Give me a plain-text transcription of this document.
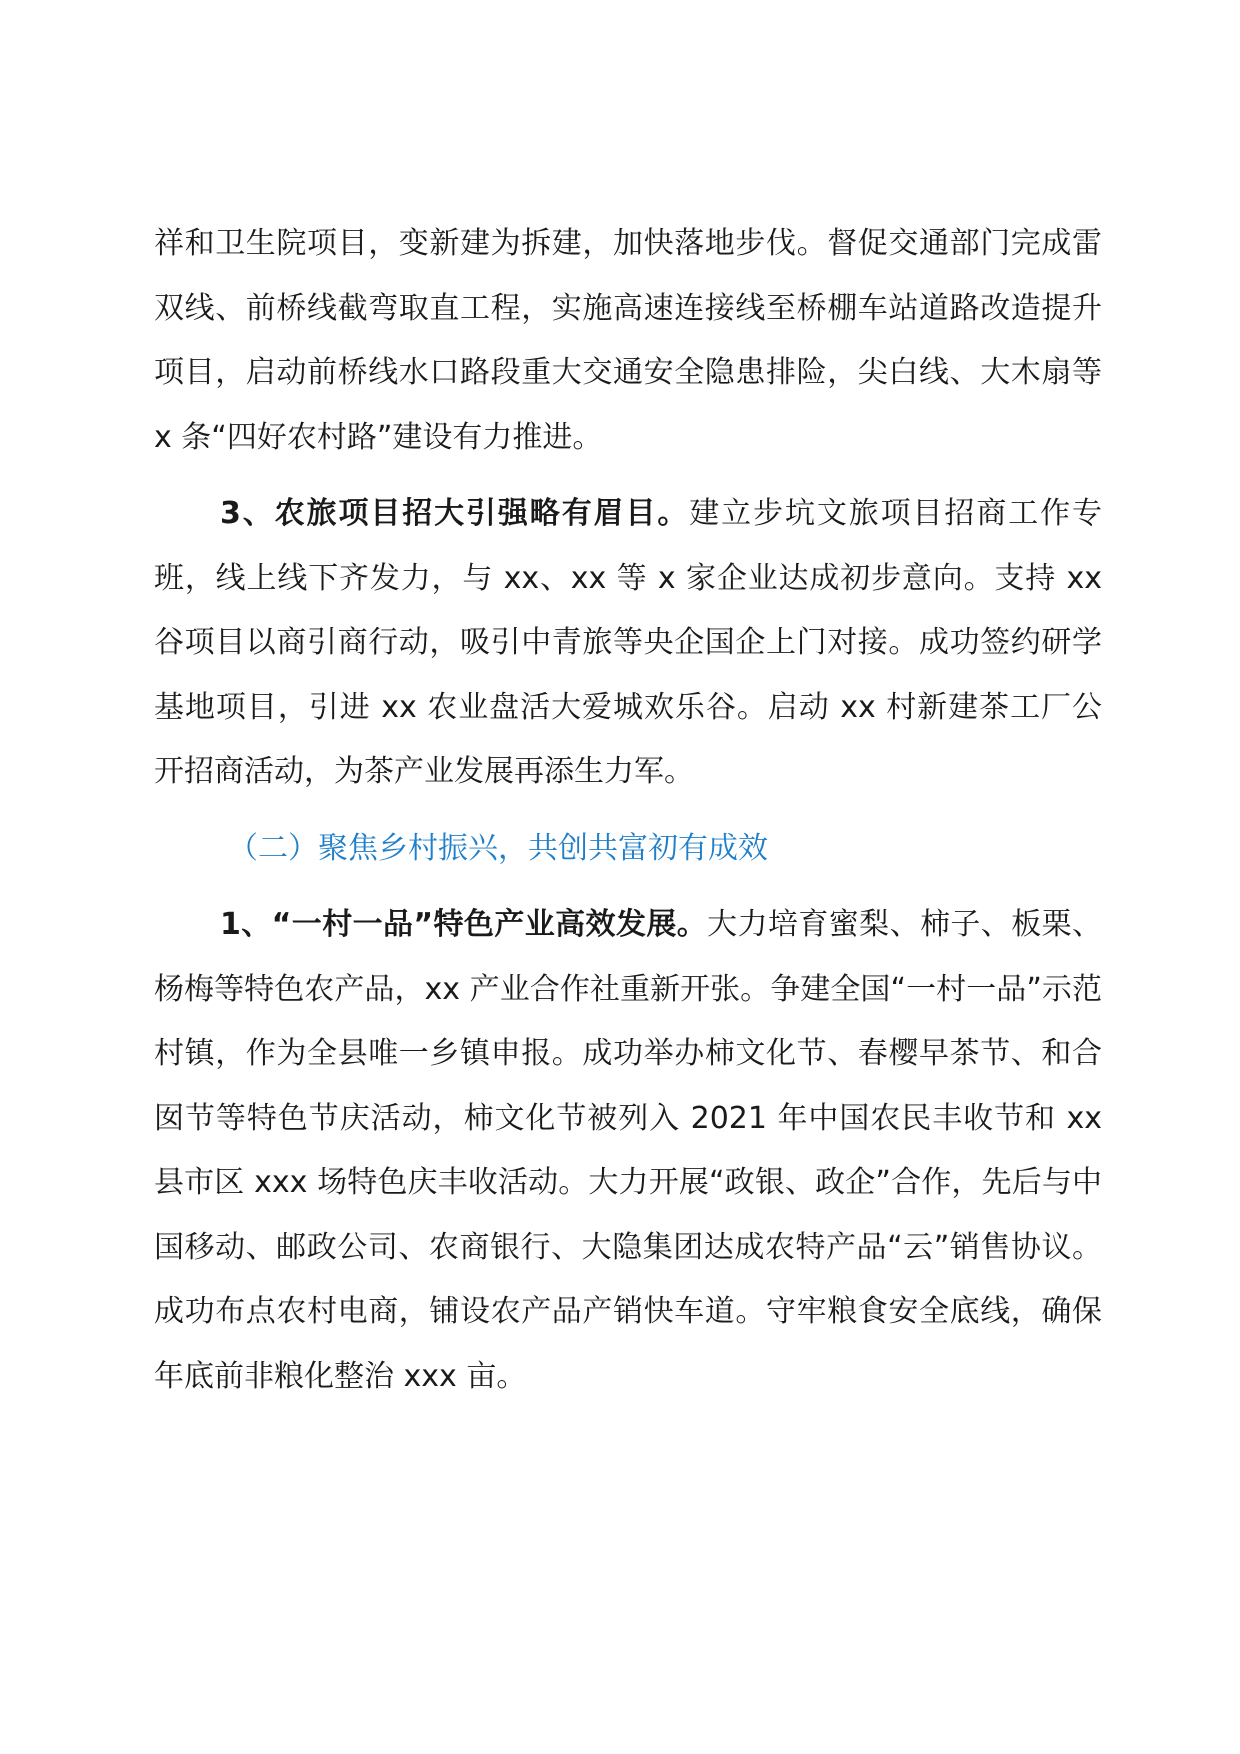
祥和卫生院项目，变新建为拆建，加快落地步伐。督促交通部门完成雷双线、前桥线截弯取直工程，实施高速连接线至桥棚车站道路改造提升项目，启动前桥线水口路段重大交通安全隐患排险，尖白线、大木扇等 x 条“四好农村路”建设有力推进。

3、农旅项目招大引强略有眉目。建立步坑文旅项目招商工作专班，线上线下齐发力，与 xx、xx 等 x 家企业达成初步意向。支持 xx 谷项目以商引商行动，吸引中青旅等央企国企上门对接。成功签约研学基地项目，引进 xx 农业盘活大爱城欢乐谷。启动 xx 村新建茶工厂公开招商活动，为茶产业发展再添生力军。

（二）聚焦乡村振兴，共创共富初有成效

1、“一村一品”特色产业高效发展。大力培育蜜梨、柿子、板栗、杨梅等特色农产品，xx 产业合作社重新开张。争建全国“一村一品”示范村镇，作为全县唯一乡镇申报。成功举办柿文化节、春樱早茶节、和合囡节等特色节庆活动，柿文化节被列入 2021 年中国农民丰收节和 xx 县市区 xxx 场特色庆丰收活动。大力开展“政银、政企”合作，先后与中国移动、邮政公司、农商银行、大隐集团达成农特产品“云”销售协议。成功布点农村电商，铺设农产品产销快车道。守牢粮食安全底线，确保年底前非粮化整治 xxx 亩。
